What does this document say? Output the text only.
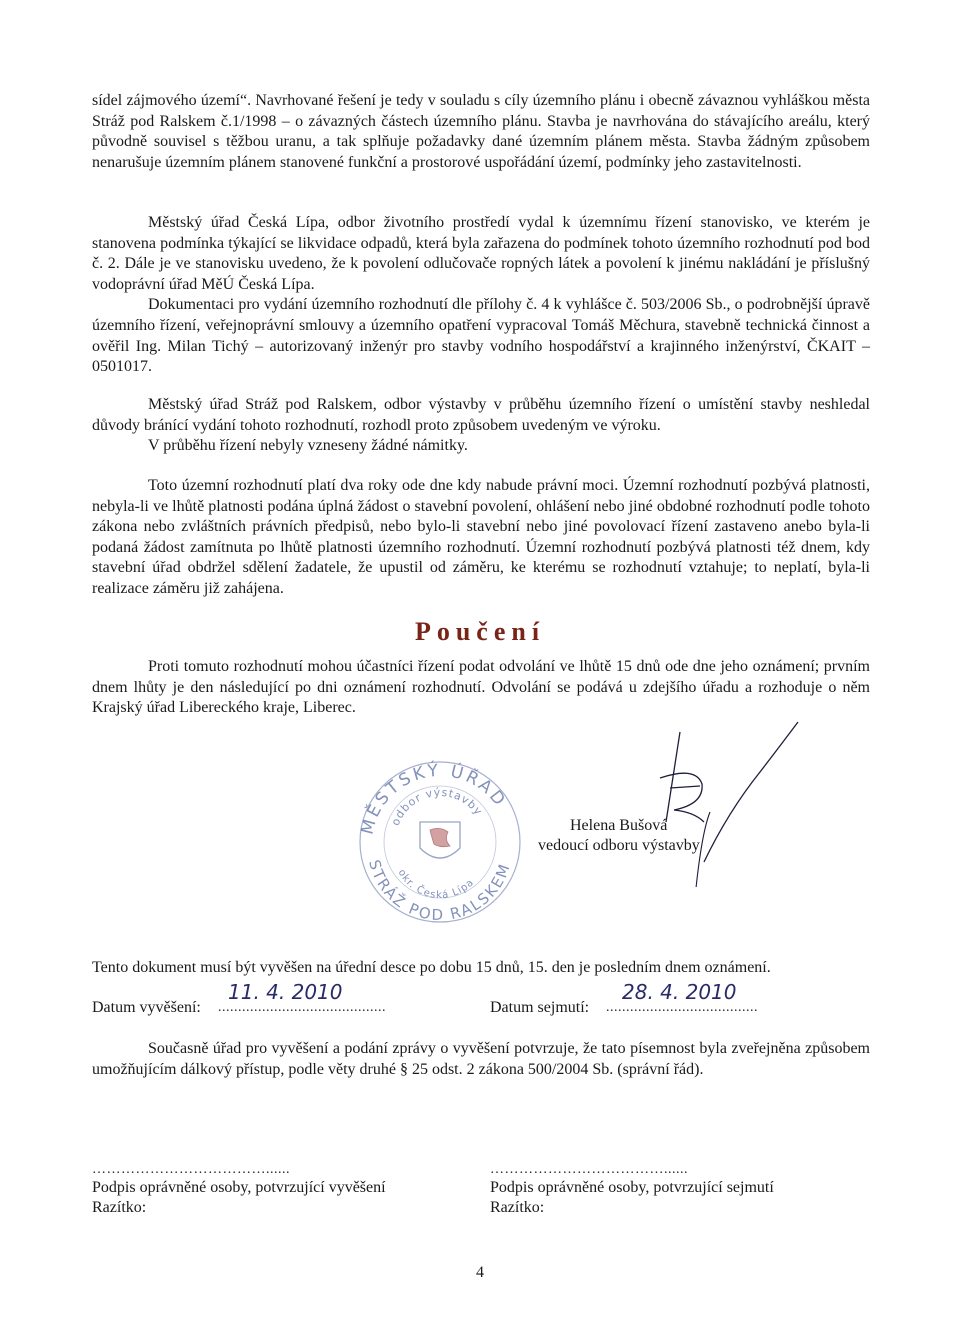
sídel zájmového území“. Navrhované řešení je tedy v souladu s cíly územního plánu i obecně závaznou vyhláškou města Stráž pod Ralskem č.1/1998 – o závazných částech územního plánu. Stavba je navrhována do stávajícího areálu, který původně souvisel s těžbou uranu, a tak splňuje požadavky dané územním plánem města. Stavba žádným způsobem nenarušuje územním plánem stanovené funkční a prostorové uspořádání území, podmínky jeho zastavitelnosti.

Městský úřad Česká Lípa, odbor životního prostředí vydal k územnímu řízení stanovisko, ve kterém je stanovena podmínka týkající se likvidace odpadů, která byla zařazena do podmínek tohoto územního rozhodnutí pod bod č. 2. Dále je ve stanovisku uvedeno, že k povolení odlučovače ropných látek a povolení k jinému nakládání je příslušný vodoprávní úřad MěÚ Česká Lípa.

Dokumentaci pro vydání územního rozhodnutí dle přílohy č. 4 k vyhlášce č. 503/2006 Sb., o podrobnější úpravě územního řízení, veřejnoprávní smlouvy a územního opatření vypracoval Tomáš Měchura, stavebně technická činnost a ověřil Ing. Milan Tichý – autorizovaný inženýr pro stavby vodního hospodářství a krajinného inženýrství, ČKAIT – 0501017.

Městský úřad Stráž pod Ralskem, odbor výstavby v průběhu územního řízení o umístění stavby neshledal důvody bránící vydání tohoto rozhodnutí, rozhodl proto způsobem uvedeným ve výroku.

V průběhu řízení nebyly vzneseny žádné námitky.

Toto územní rozhodnutí platí dva roky ode dne kdy nabude právní moci. Územní rozhodnutí pozbývá platnosti, nebyla-li ve lhůtě platnosti podána úplná žádost o stavební povolení, ohlášení nebo jiné obdobné rozhodnutí podle tohoto zákona nebo zvláštních právních předpisů, nebo bylo-li stavební nebo jiné povolovací řízení zastaveno anebo byla-li podaná žádost zamítnuta po lhůtě platnosti územního rozhodnutí. Územní rozhodnutí pozbývá platnosti též dnem, kdy stavební úřad obdržel sdělení žadatele, že upustil od záměru, ke kterému se rozhodnutí vztahuje; to neplatí, byla-li realizace záměru již zahájena.

Poučení

Proti tomuto rozhodnutí mohou účastníci řízení podat odvolání ve lhůtě 15 dnů ode dne jeho oznámení; prvním dnem lhůty je den následující po dni oznámení rozhodnutí. Odvolání se podává u zdejšího úřadu a rozhoduje o něm Krajský úřad Libereckého kraje, Liberec.

MĚSTSKÝ ÚŘAD
odbor výstavby
STRÁŽ POD RALSKEM
okr. Česká Lípa
Helena Bušová
vedoucí odboru výstavby
Tento dokument musí být vyvěšen na úřední desce po dobu 15 dnů, 15. den je posledním dnem oznámení.
Datum vyvěšení: ..........................................
11. 4. 2010
Datum sejmutí: ......................................
28. 4. 2010

Současně úřad pro vyvěšení a podání zprávy o vyvěšení potvrzuje, že tato písemnost byla zveřejněna způsobem umožňujícím dálkový přístup, podle věty druhé § 25 odst. 2 zákona 500/2004 Sb. (správní řád).

………………………………......	………………………………......
Podpis oprávněné osoby, potvrzující vyvěšení
Razítko:
Podpis oprávněné osoby, potvrzující sejmutí
Razítko:
4
